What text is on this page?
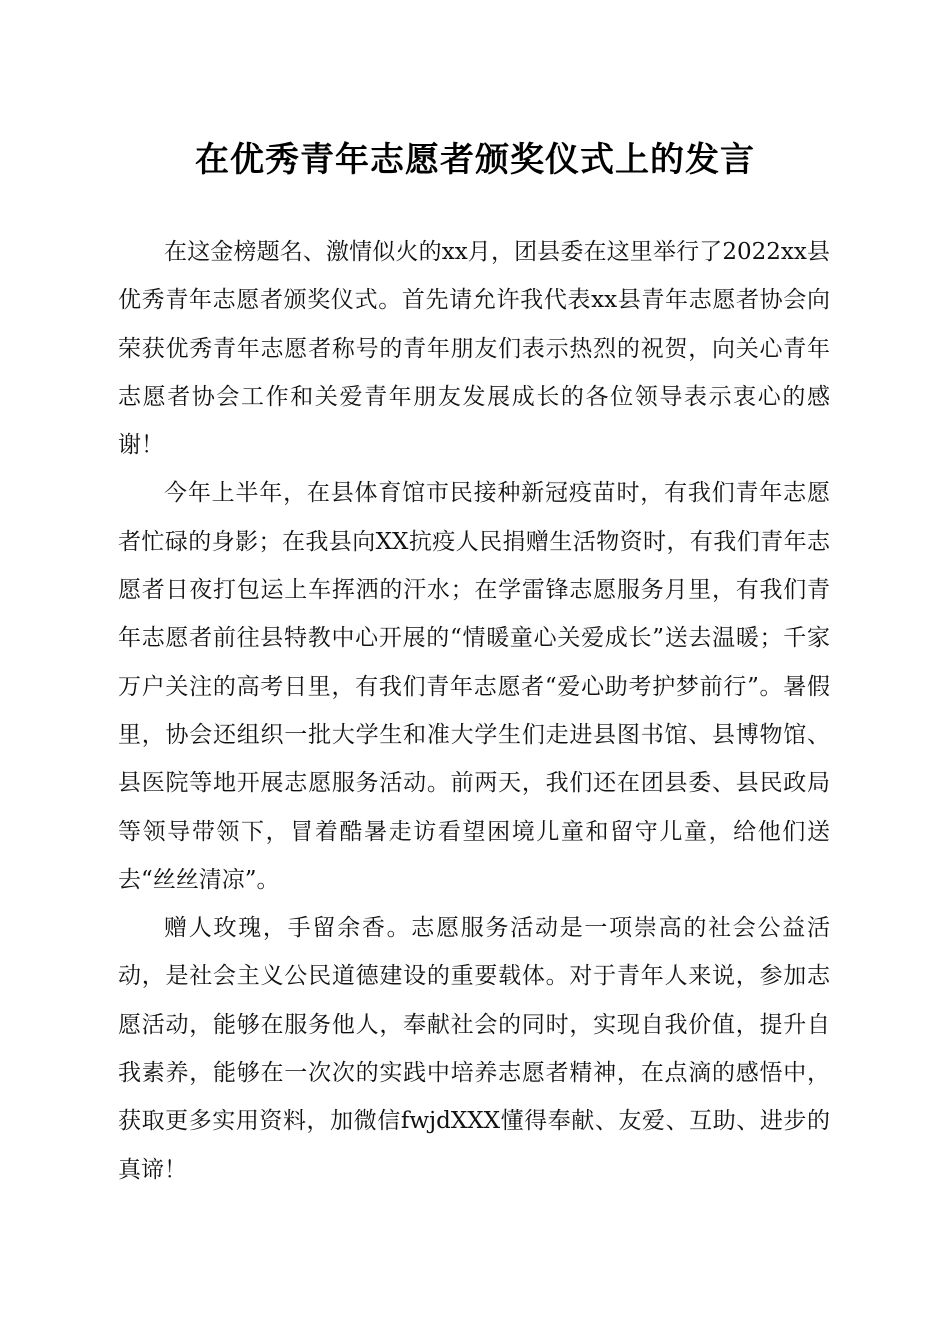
在优秀青年志愿者颁奖仪式上的发言

在这金榜题名、激情似火的xx月，团县委在这里举行了2022xx县优秀青年志愿者颁奖仪式。首先请允许我代表xx县青年志愿者协会向荣获优秀青年志愿者称号的青年朋友们表示热烈的祝贺，向关心青年志愿者协会工作和关爱青年朋友发展成长的各位领导表示衷心的感谢！

今年上半年，在县体育馆市民接种新冠疫苗时，有我们青年志愿者忙碌的身影；在我县向XX抗疫人民捐赠生活物资时，有我们青年志愿者日夜打包运上车挥洒的汗水；在学雷锋志愿服务月里，有我们青年志愿者前往县特教中心开展的“情暖童心关爱成长”送去温暖；千家万户关注的高考日里，有我们青年志愿者“爱心助考护梦前行”。暑假里，协会还组织一批大学生和准大学生们走进县图书馆、县博物馆、县医院等地开展志愿服务活动。前两天，我们还在团县委、县民政局等领导带领下，冒着酷暑走访看望困境儿童和留守儿童，给他们送去“丝丝清凉”。

赠人玫瑰，手留余香。志愿服务活动是一项崇高的社会公益活动，是社会主义公民道德建设的重要载体。对于青年人来说，参加志愿活动，能够在服务他人，奉献社会的同时，实现自我价值，提升自我素养，能够在一次次的实践中培养志愿者精神，在点滴的感悟中，获取更多实用资料，加微信fwjdXXX懂得奉献、友爱、互助、进步的真谛！
